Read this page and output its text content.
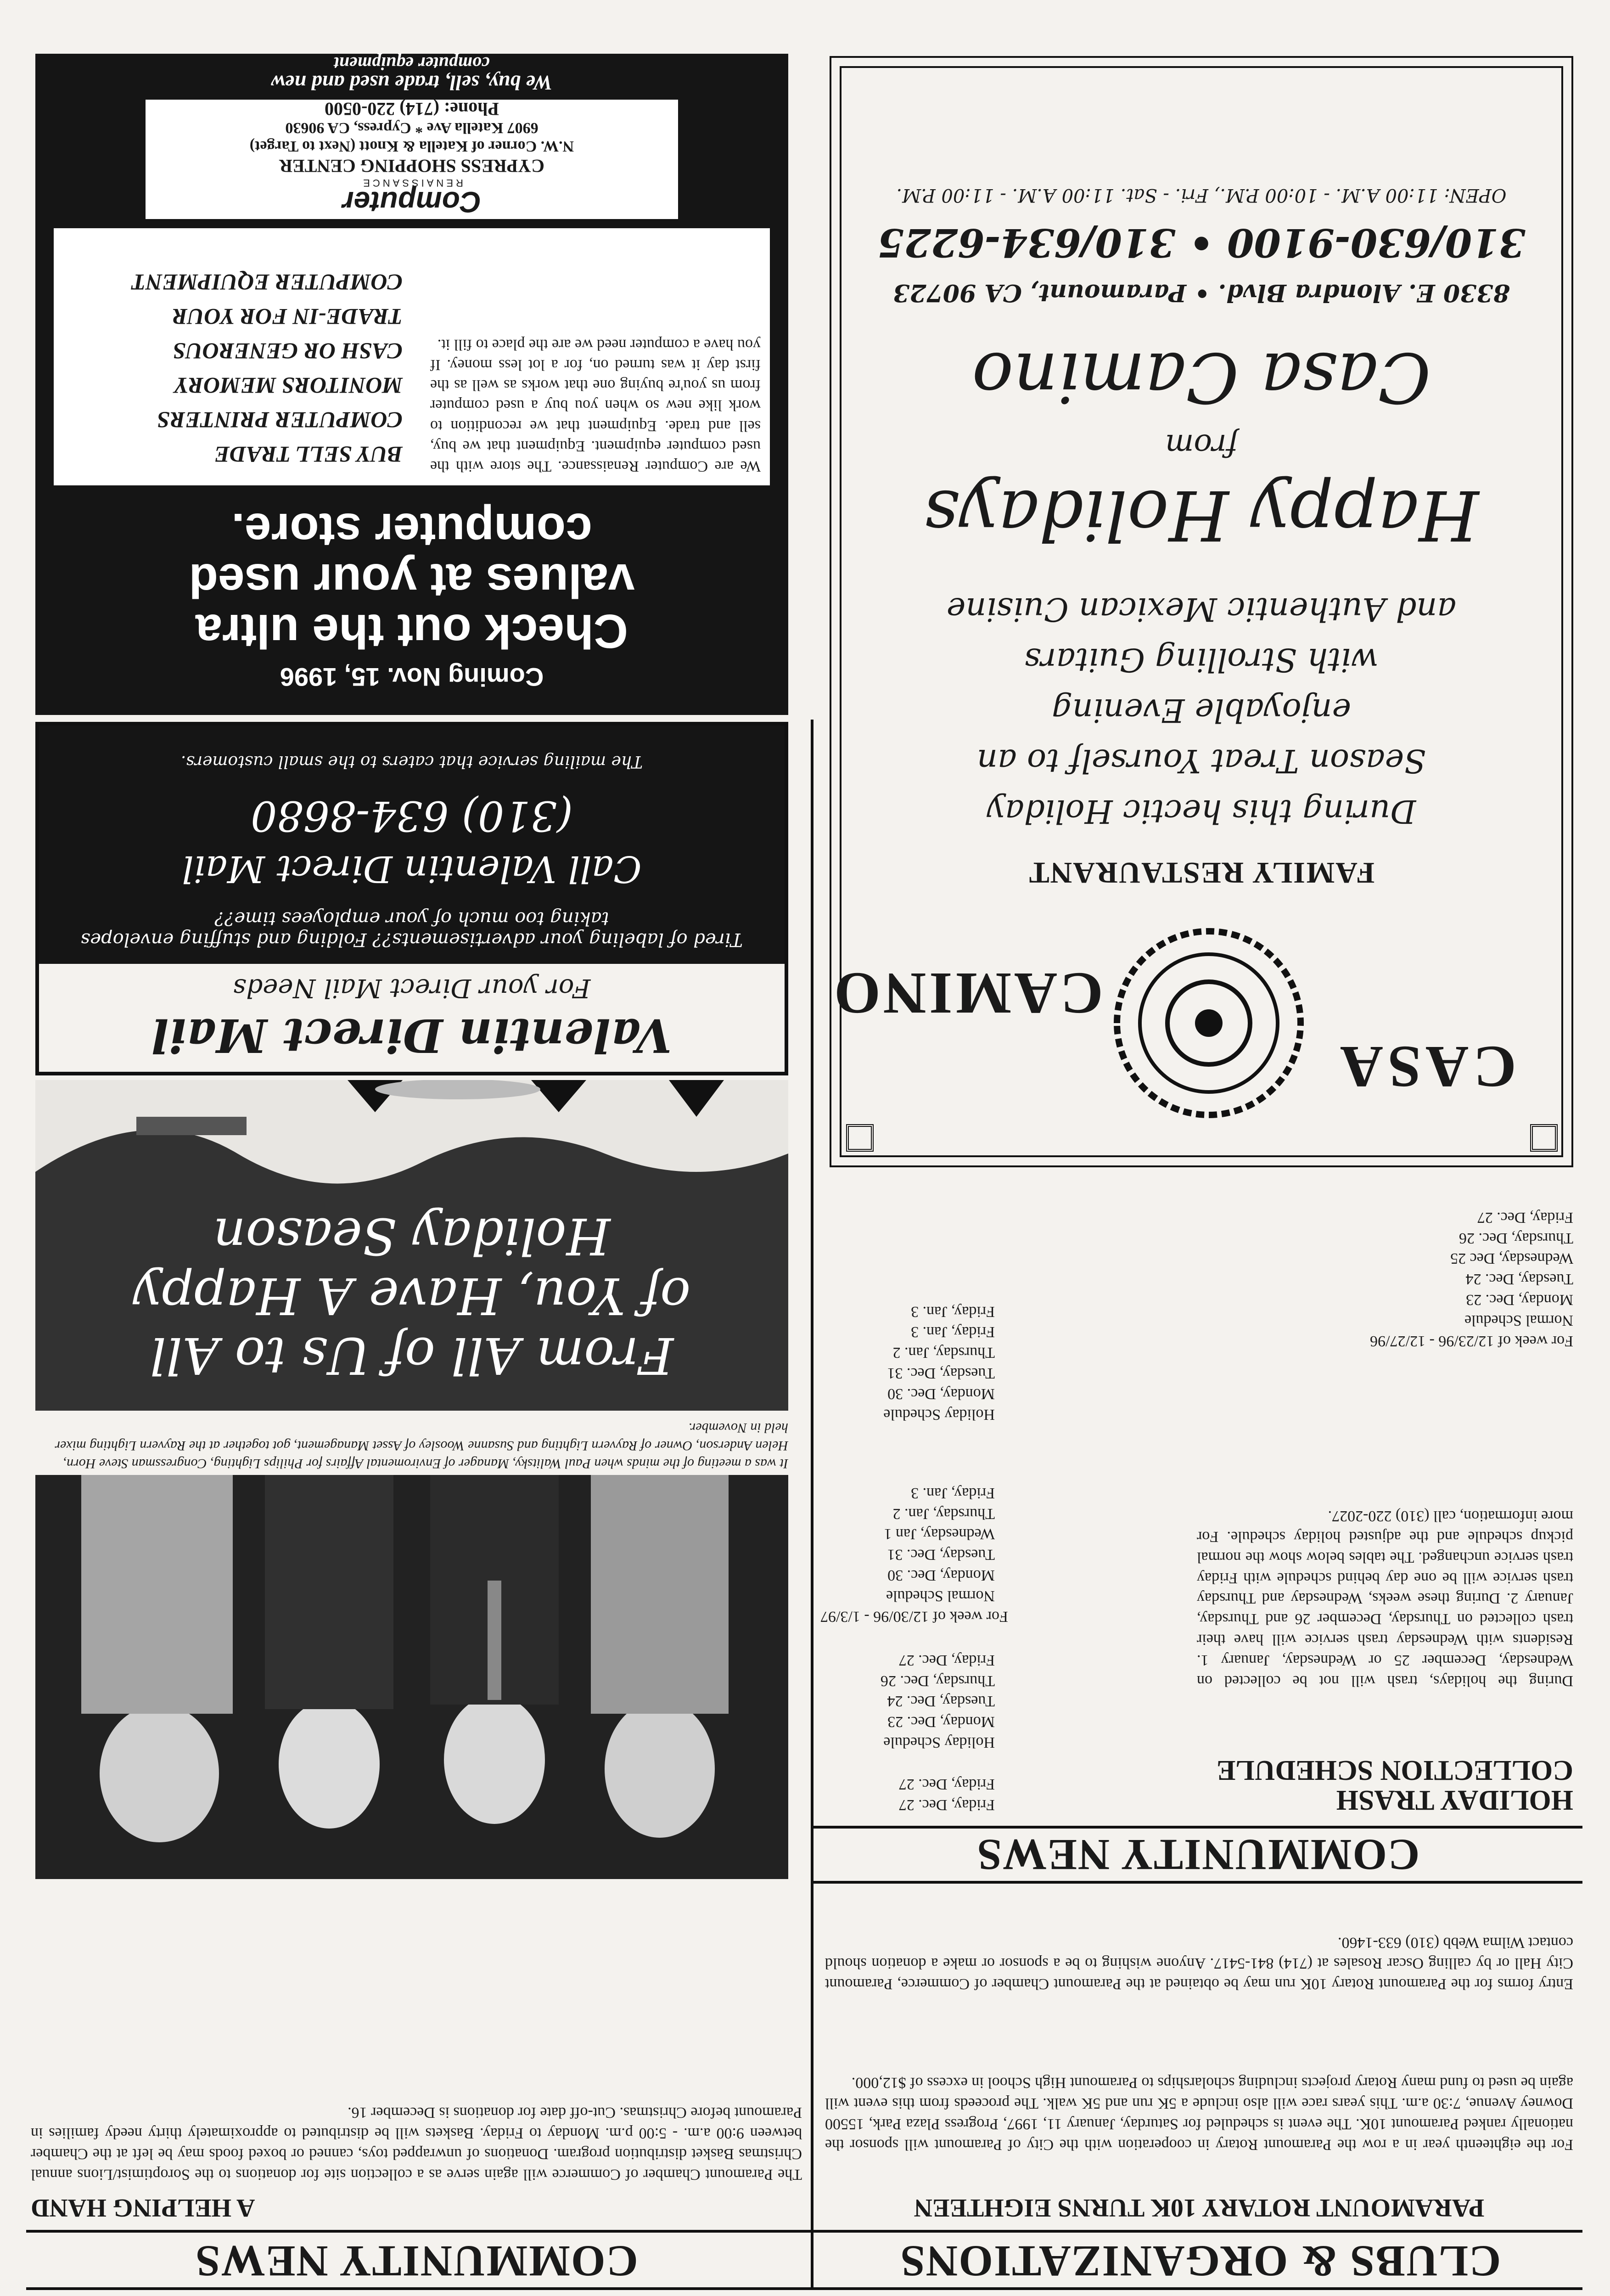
CLUBS & ORGANIZATIONS
COMMUNITY NEWS
PARAMOUNT ROTARY 10K TURNS EIGHTEEN
For the eighteenth year in a row the Paramount Rotary in cooperation with the City of Paramount will sponsor the nationally ranked Paramount 10K. The event is scheduled for Saturday, January 11, 1997, Progress Plaza Park, 15500 Downey Avenue, 7:30 a.m. This years race will also include a 5K run and 5K walk. The proceeds from this event will again be used to fund many Rotary projects including scholarships to Paramount High School in excess of $12,000.
Entry forms for the Paramount Rotary 10K run may be obtained at the Paramount Chamber of Commerce, Paramount City Hall or by calling Oscar Rosales at (714) 841-5417. Anyone wishing to be a sponsor or make a donation should contact Wilma Webb (310) 633-1460.
COMMUNITY NEWS
HOLIDAY TRASH COLLECTION SCHEDULE
During the holidays, trash will not be collected on Wednesday, December 25 or Wednesday, January 1. Residents with Wednesday trash service will have their trash collected on Thursday, December 26 and Thursday, January 2. During these weeks, Wednesday and Thursday trash service will be one day behind schedule with Friday trash service unchanged. The tables below show the normal pickup schedule and the adjusted holiday schedule. For more information, call (310) 220-2027.
For week of 12/23/96 - 12/27/96
Normal Schedule
Monday, Dec. 23
Tuesday, Dec. 24
Wednesday, Dec 25
Thursday, Dec. 26
Friday, Dec. 27
Friday, Dec. 27
Friday, Dec. 27
Holiday Schedule
Monday, Dec. 23
Tuesday, Dec. 24
Thursday, Dec. 26
Friday, Dec. 27
For week of 12/30/96 - 1/3/97
Normal Schedule
Monday, Dec. 30
Tuesday, Dec. 31
Wednesday, Jan 1
Thursday, Jan. 2
Friday, Jan. 3
Holiday Schedule
Monday, Dec. 30
Tuesday, Dec. 31
Thursday, Jan. 2
Friday, Jan. 3
Friday, Jan. 3
A HELPING HAND
The Paramount Chamber of Commerce will again serve as a collection site for donations to the Soroptimist/Lions annual Christmas Basket distribution program. Donations of unwrapped toys, canned or boxed foods may be left at the Chamber between 9:00 a.m. - 5:00 p.m. Monday to Friday. Baskets will be distributed to approximately thirty needy families in Paramount before Christmas. Cut-off date for donations is December 16.
It was a meeting of the minds when Paul Walitsky, Manager of Enviromental Affairs for Philips Lighting, Congressman Steve Horn, Helen Anderson, Owner of Rayvern Lighting and Susanne Woosley of Asset Management, got together at the Rayvern Lighting mixer held in November.
From All of Us to All
of You, Have A Happy
Holiday Season
Valentin Direct Mail
For your Direct Mail Needs
Tired of labeling your advertisements?? Folding and stuffing envelopes taking too much of your employees time??
Call Valentin Direct Mail
(310) 634-8680
The mailing service that caters to the small customers.
CASA
CAMINO
FAMILY RESTAURANT
During this hectic Holiday
Season Treat Yourself to an
enjoyable Evening
with Strolling Guitars
and Authentic Mexican Cuisine
Happy Holidays
from
Casa Camino
8330 E. Alondra Blvd. • Paramount, CA 90723
310/630-9100 • 310/634-6225
OPEN: 11:00 A.M. - 10:00 P.M., Fri. - Sat. 11:00 A.M. - 11:00 P.M.
Coming Nov. 15, 1996
Check out the ultra
values at your used
computer store.
We are Computer Renaissance. The store with the used computer equipment. Equipment that we buy, sell and trade. Equipment that we recondition to work like new so when you buy a used computer from us you're buying one that works as well as the first day it was turned on, for a lot less money. If you have a computer need we are the place to fill it.
BUY SELL TRADE
COMPUTER PRINTERS
MONITORS MEMORY
CASH OR GENEROUS
TRADE-IN FOR YOUR
COMPUTER EQUIPMENT
Computer
RENAISSANCE
CYPRESS SHOPPING CENTER
N.W. Corner of Katella & Knott (Next to Target)
6907 Katella Ave * Cypress, CA 90630
Phone: (714) 220-0500
We buy, sell, trade used and new
computer equipment
